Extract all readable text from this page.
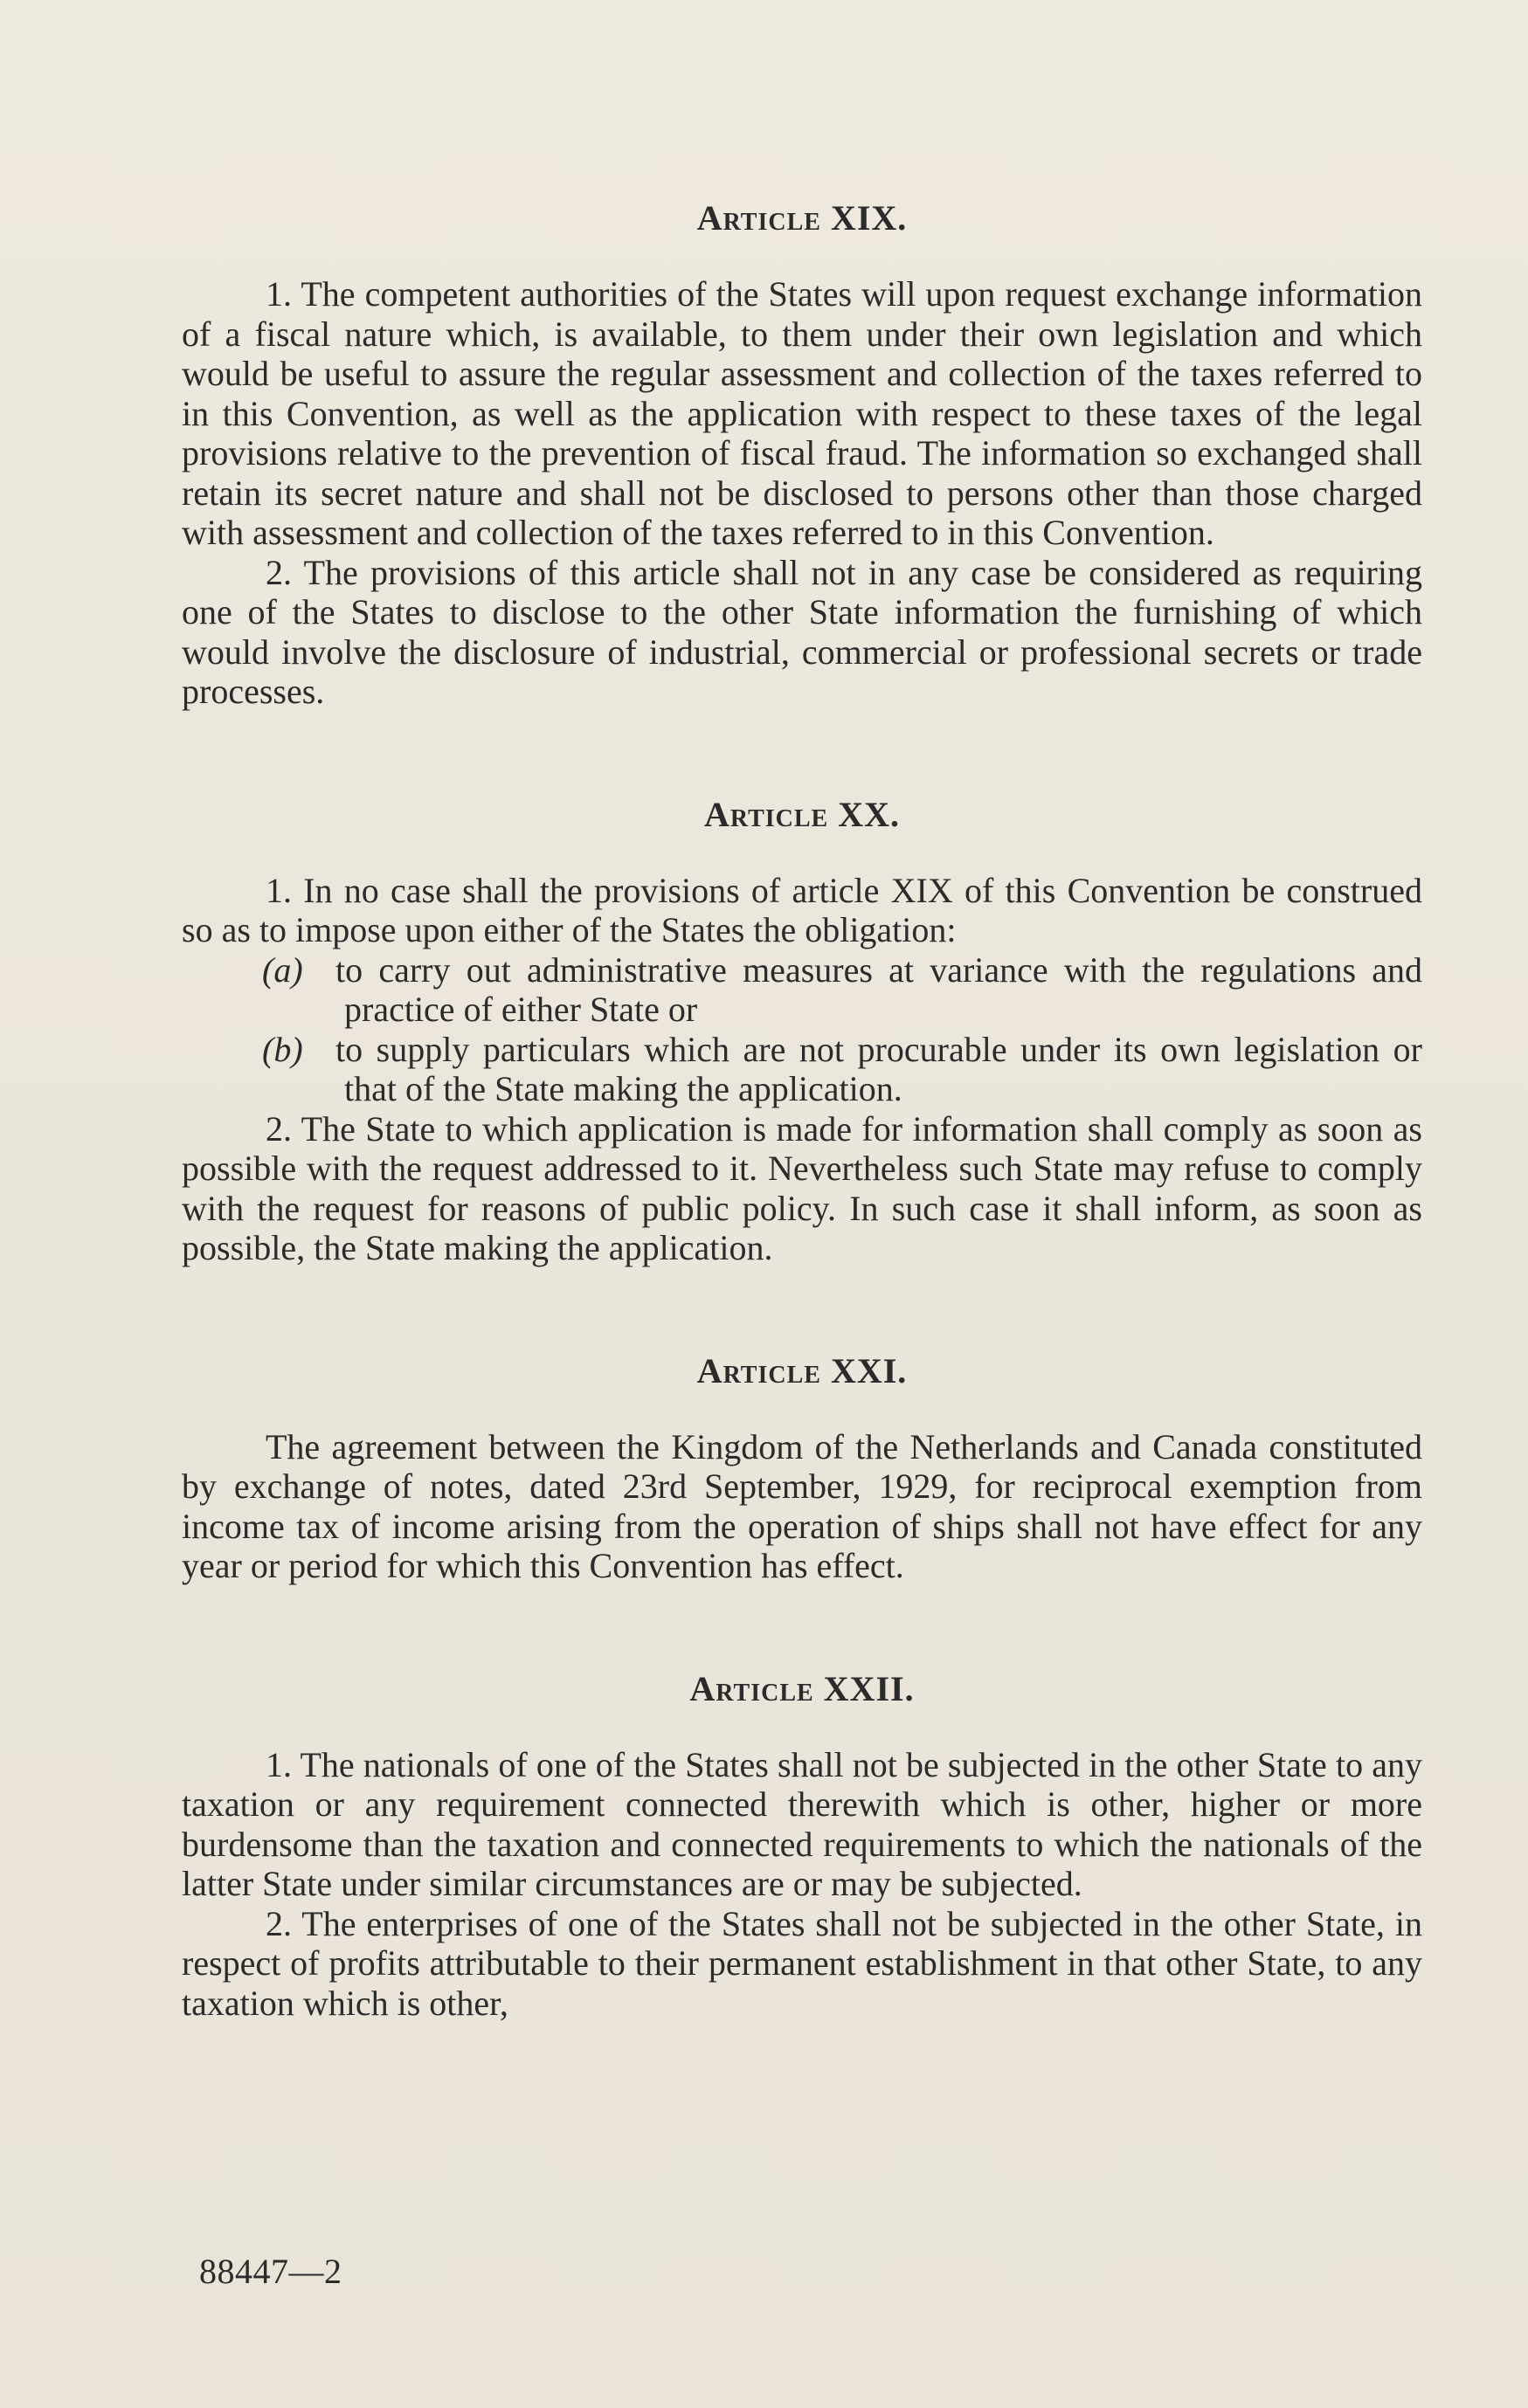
Article XIX.

1. The competent authorities of the States will upon request exchange information of a fiscal nature which, is available, to them under their own legislation and which would be useful to assure the regular assessment and collection of the taxes referred to in this Convention, as well as the application with respect to these taxes of the legal provisions relative to the prevention of fiscal fraud. The information so exchanged shall retain its secret nature and shall not be disclosed to persons other than those charged with assessment and collection of the taxes referred to in this Convention.

2. The provisions of this article shall not in any case be considered as requiring one of the States to disclose to the other State information the furnishing of which would involve the disclosure of industrial, commercial or professional secrets or trade processes.

Article XX.

1. In no case shall the provisions of article XIX of this Convention be construed so as to impose upon either of the States the obligation:

(a) to carry out administrative measures at variance with the regulations and practice of either State or

(b) to supply particulars which are not procurable under its own legislation or that of the State making the application.

2. The State to which application is made for information shall comply as soon as possible with the request addressed to it. Nevertheless such State may refuse to comply with the request for reasons of public policy. In such case it shall inform, as soon as possible, the State making the application.

Article XXI.

The agreement between the Kingdom of the Netherlands and Canada constituted by exchange of notes, dated 23rd September, 1929, for reciprocal exemption from income tax of income arising from the operation of ships shall not have effect for any year or period for which this Convention has effect.

Article XXII.

1. The nationals of one of the States shall not be subjected in the other State to any taxation or any requirement connected therewith which is other, higher or more burdensome than the taxation and connected requirements to which the nationals of the latter State under similar circumstances are or may be subjected.

2. The enterprises of one of the States shall not be subjected in the other State, in respect of profits attributable to their permanent establishment in that other State, to any taxation which is other,

88447—2
